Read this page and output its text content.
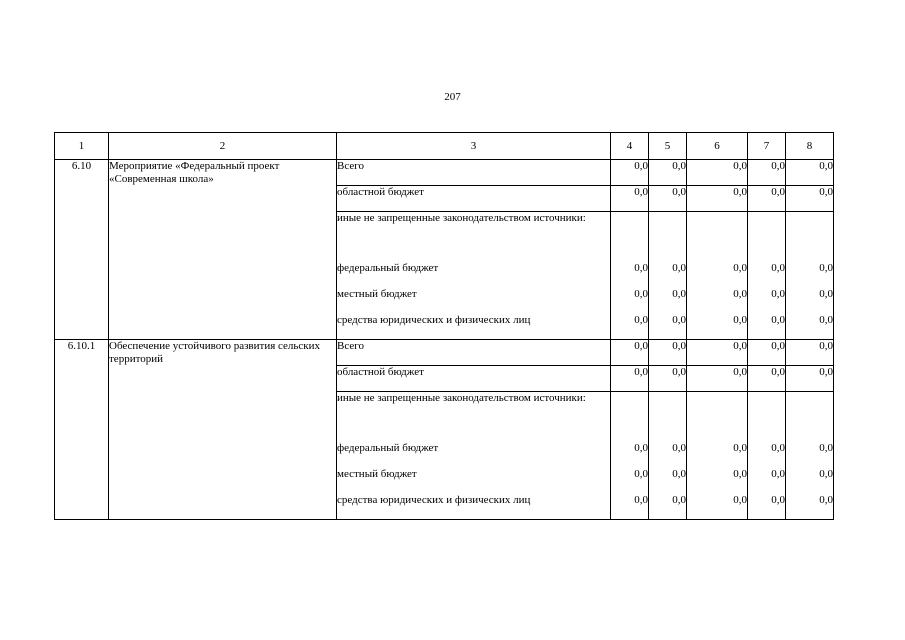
207
1	2	3	4	5	6	7	8
6.10	Мероприятие «Федеральный проект «Современная школа»	Всего	0,0	0,0	0,0	0,0	0,0
		областной бюджет	0,0	0,0	0,0	0,0	0,0
		иные не запрещенные законодательством источники:					
		федеральный бюджет	0,0	0,0	0,0	0,0	0,0
		местный бюджет	0,0	0,0	0,0	0,0	0,0
		средства юридических и физических лиц	0,0	0,0	0,0	0,0	0,0
6.10.1	Обеспечение устойчивого развития сельских территорий	Всего	0,0	0,0	0,0	0,0	0,0
		областной бюджет	0,0	0,0	0,0	0,0	0,0
		иные не запрещенные законодательством источники:					
		федеральный бюджет	0,0	0,0	0,0	0,0	0,0
		местный бюджет	0,0	0,0	0,0	0,0	0,0
		средства юридических и физических лиц	0,0	0,0	0,0	0,0	0,0
